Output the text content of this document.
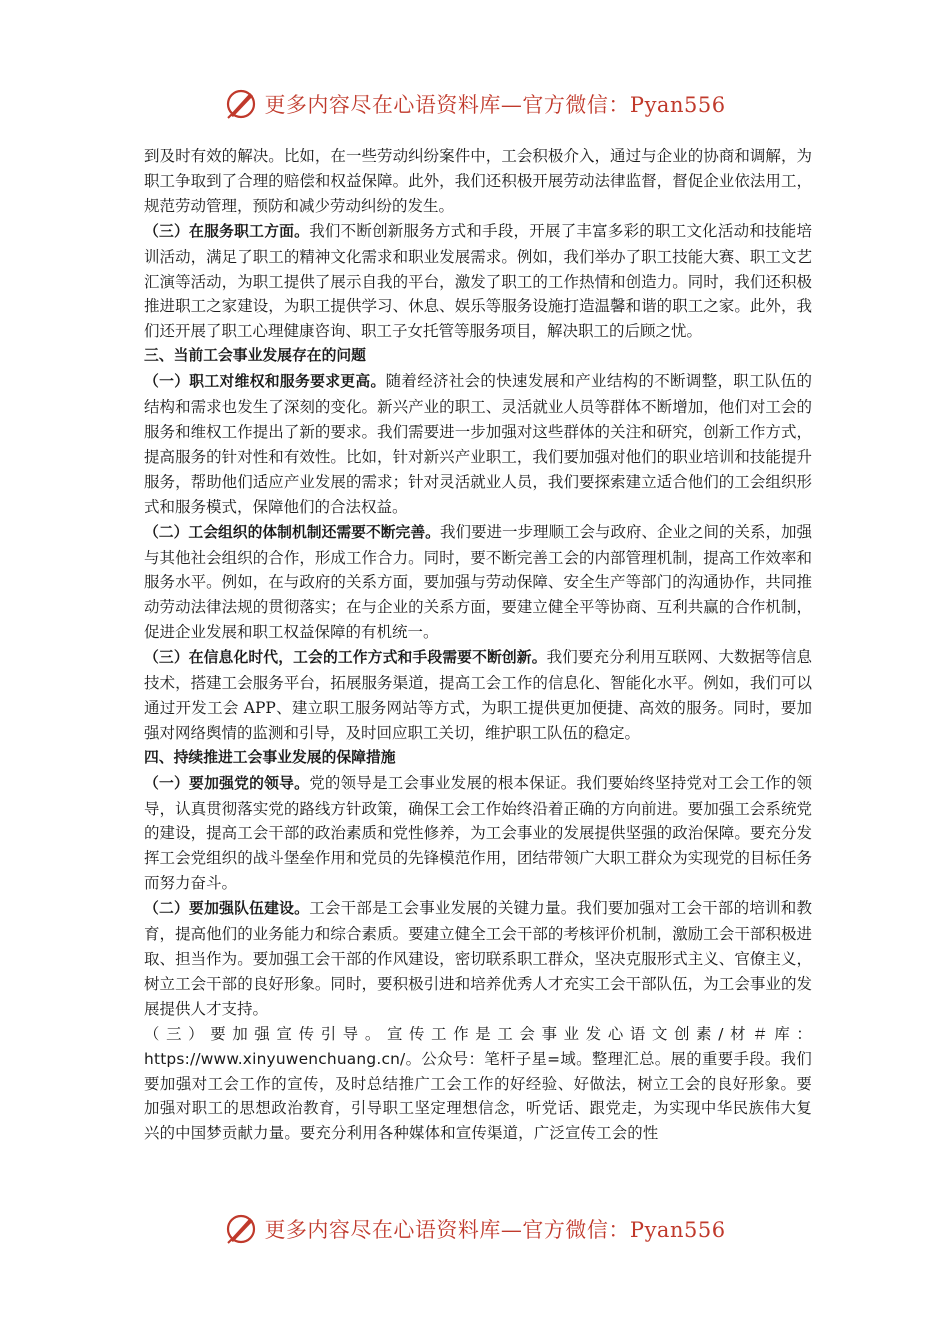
更多内容尽在心语资料库—官方微信：Pyan556

到及时有效的解决。比如，在一些劳动纠纷案件中，工会积极介入，通过与企业的协商和调解，为职工争取到了合理的赔偿和权益保障。此外，我们还积极开展劳动法律监督，督促企业依法用工，规范劳动管理，预防和减少劳动纠纷的发生。

（三）在服务职工方面。我们不断创新服务方式和手段，开展了丰富多彩的职工文化活动和技能培训活动，满足了职工的精神文化需求和职业发展需求。例如，我们举办了职工技能大赛、职工文艺汇演等活动，为职工提供了展示自我的平台，激发了职工的工作热情和创造力。同时，我们还积极推进职工之家建设，为职工提供学习、休息、娱乐等服务设施打造温馨和谐的职工之家。此外，我们还开展了职工心理健康咨询、职工子女托管等服务项目，解决职工的后顾之忧。

三、当前工会事业发展存在的问题

（一）职工对维权和服务要求更高。随着经济社会的快速发展和产业结构的不断调整，职工队伍的结构和需求也发生了深刻的变化。新兴产业的职工、灵活就业人员等群体不断增加，他们对工会的服务和维权工作提出了新的要求。我们需要进一步加强对这些群体的关注和研究，创新工作方式，提高服务的针对性和有效性。比如，针对新兴产业职工，我们要加强对他们的职业培训和技能提升服务，帮助他们适应产业发展的需求；针对灵活就业人员，我们要探索建立适合他们的工会组织形式和服务模式，保障他们的合法权益。

（二）工会组织的体制机制还需要不断完善。我们要进一步理顺工会与政府、企业之间的关系，加强与其他社会组织的合作，形成工作合力。同时，要不断完善工会的内部管理机制，提高工作效率和服务水平。例如，在与政府的关系方面，要加强与劳动保障、安全生产等部门的沟通协作，共同推动劳动法律法规的贯彻落实；在与企业的关系方面，要建立健全平等协商、互利共赢的合作机制，促进企业发展和职工权益保障的有机统一。

（三）在信息化时代，工会的工作方式和手段需要不断创新。我们要充分利用互联网、大数据等信息技术，搭建工会服务平台，拓展服务渠道，提高工会工作的信息化、智能化水平。例如，我们可以通过开发工会 APP、建立职工服务网站等方式，为职工提供更加便捷、高效的服务。同时，要加强对网络舆情的监测和引导，及时回应职工关切，维护职工队伍的稳定。

四、持续推进工会事业发展的保障措施

（一）要加强党的领导。党的领导是工会事业发展的根本保证。我们要始终坚持党对工会工作的领导，认真贯彻落实党的路线方针政策，确保工会工作始终沿着正确的方向前进。要加强工会系统党的建设，提高工会干部的政治素质和党性修养，为工会事业的发展提供坚强的政治保障。要充分发挥工会党组织的战斗堡垒作用和党员的先锋模范作用，团结带领广大职工群众为实现党的目标任务而努力奋斗。

（二）要加强队伍建设。工会干部是工会事业发展的关键力量。我们要加强对工会干部的培训和教育，提高他们的业务能力和综合素质。要建立健全工会干部的考核评价机制，激励工会干部积极进取、担当作为。要加强工会干部的作风建设，密切联系职工群众，坚决克服形式主义、官僚主义，树立工会干部的良好形象。同时，要积极引进和培养优秀人才充实工会干部队伍，为工会事业的发展提供人才支持。

（三）要加强宣传引导。宣传工作是工会事业发心语文创素/材＃库：https://www.xinyuwenchuang.cn/。公众号：笔杆子星=域。整理汇总。展的重要手段。我们要加强对工会工作的宣传，及时总结推广工会工作的好经验、好做法，树立工会的良好形象。要加强对职工的思想政治教育，引导职工坚定理想信念，听党话、跟党走，为实现中华民族伟大复兴的中国梦贡献力量。要充分利用各种媒体和宣传渠道，广泛宣传工会的性

更多内容尽在心语资料库—官方微信：Pyan556
